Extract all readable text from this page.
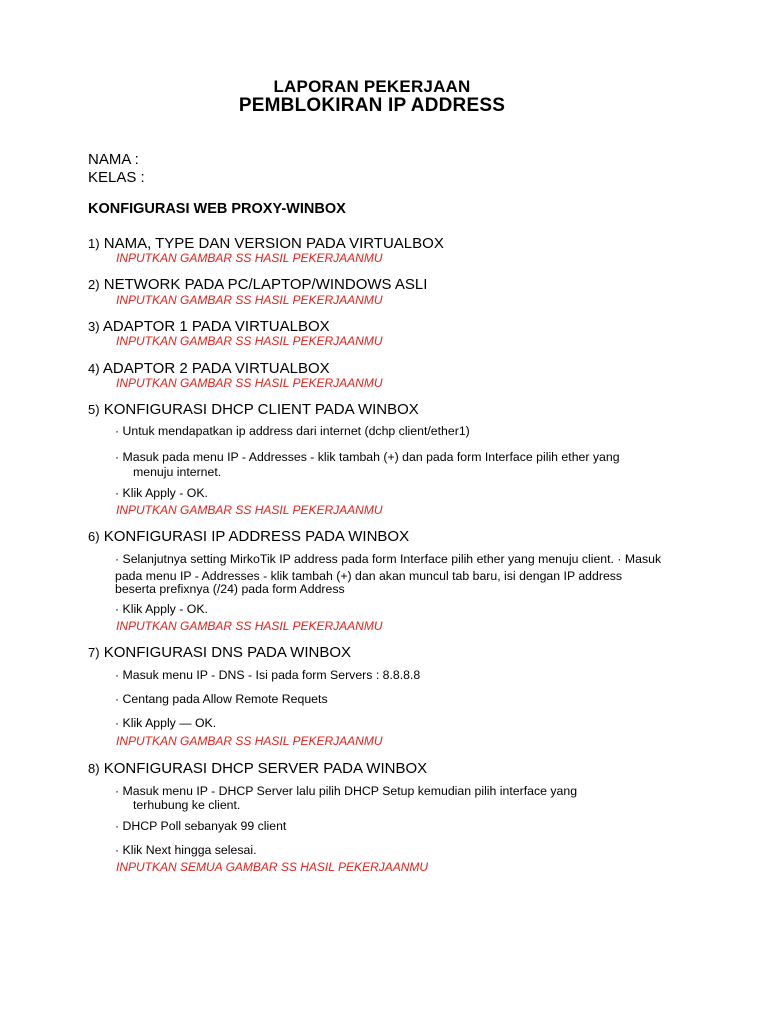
LAPORAN PEKERJAAN
PEMBLOKIRAN IP ADDRESS
NAMA :
KELAS :
KONFIGURASI WEB PROXY-WINBOX
1) NAMA, TYPE DAN VERSION PADA VIRTUALBOX
INPUTKAN GAMBAR SS HASIL PEKERJAANMU
2) NETWORK PADA PC/LAPTOP/WINDOWS ASLI
INPUTKAN GAMBAR SS HASIL PEKERJAANMU
3) ADAPTOR 1 PADA VIRTUALBOX
INPUTKAN GAMBAR SS HASIL PEKERJAANMU
4) ADAPTOR 2 PADA VIRTUALBOX
INPUTKAN GAMBAR SS HASIL PEKERJAANMU
5) KONFIGURASI DHCP CLIENT PADA WINBOX
· Untuk mendapatkan ip address dari internet (dchp client/ether1)
· Masuk pada menu IP - Addresses - klik tambah (+) dan pada form Interface pilih ether yang
menuju internet.
· Klik Apply - OK.
INPUTKAN GAMBAR SS HASIL PEKERJAANMU
6) KONFIGURASI IP ADDRESS PADA WINBOX
· Selanjutnya setting MirkoTik IP address pada form Interface pilih ether yang menuju client. · Masuk
pada menu IP - Addresses - klik tambah (+) dan akan muncul tab baru, isi dengan IP address
beserta prefixnya (/24) pada form Address
· Klik Apply - OK.
INPUTKAN GAMBAR SS HASIL PEKERJAANMU
7) KONFIGURASI DNS PADA WINBOX
· Masuk menu IP - DNS - Isi pada form Servers : 8.8.8.8
· Centang pada Allow Remote Requets
· Klik Apply — OK.
INPUTKAN GAMBAR SS HASIL PEKERJAANMU
8) KONFIGURASI DHCP SERVER PADA WINBOX
· Masuk menu IP - DHCP Server lalu pilih DHCP Setup kemudian pilih interface yang
terhubung ke client.
· DHCP Poll sebanyak 99 client
· Klik Next hingga selesai.
INPUTKAN SEMUA GAMBAR SS HASIL PEKERJAANMU
